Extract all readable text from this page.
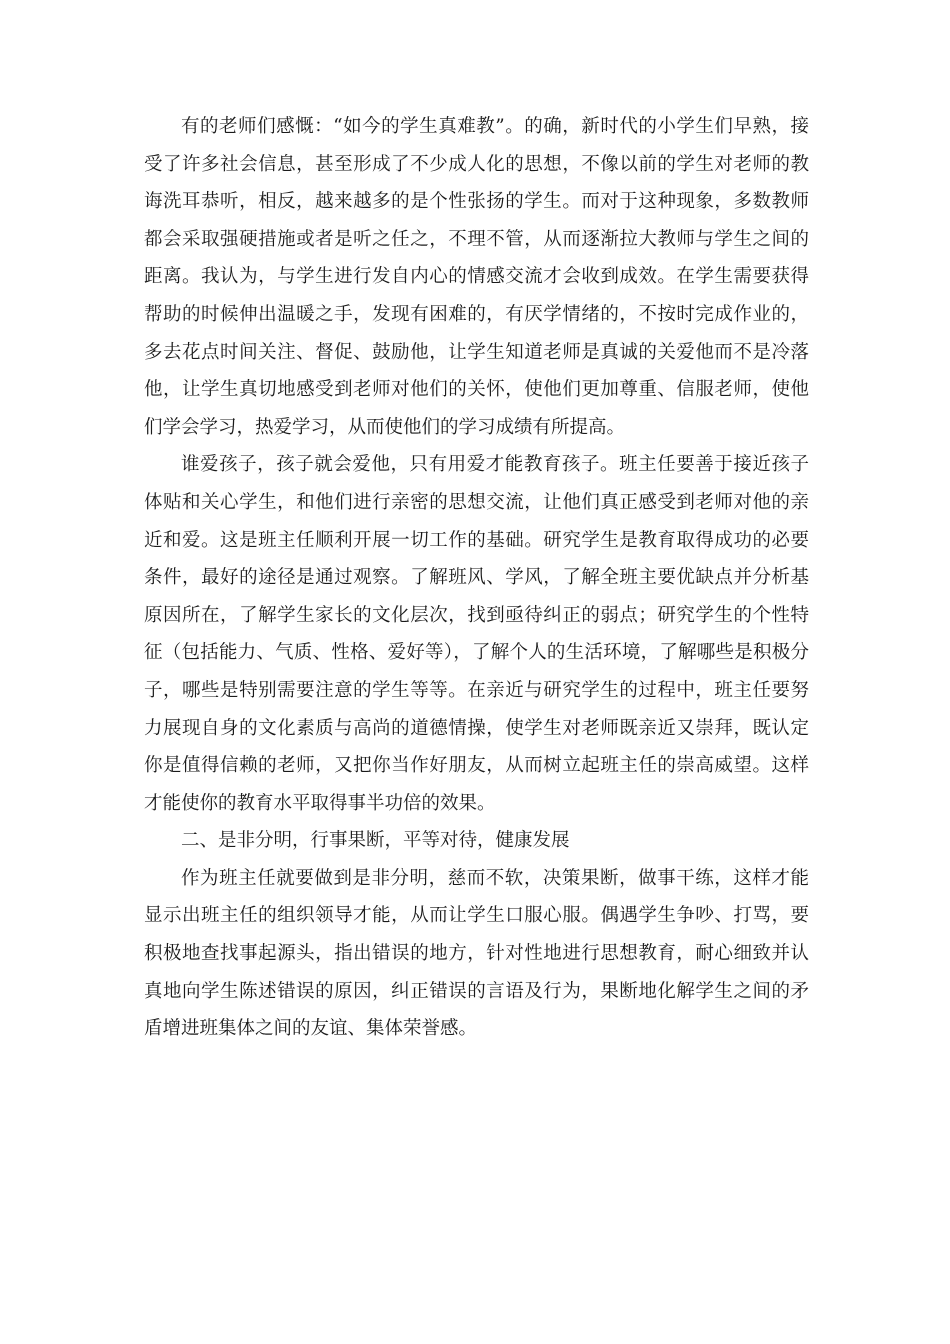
有的老师们感慨：“如今的学生真难教”。的确，新时代的小学生们早熟，接受了许多社会信息，甚至形成了不少成人化的思想，不像以前的学生对老师的教诲洗耳恭听，相反，越来越多的是个性张扬的学生。而对于这种现象，多数教师都会采取强硬措施或者是听之任之，不理不管，从而逐渐拉大教师与学生之间的距离。我认为，与学生进行发自内心的情感交流才会收到成效。在学生需要获得帮助的时候伸出温暖之手，发现有困难的，有厌学情绪的，不按时完成作业的，多去花点时间关注、督促、鼓励他，让学生知道老师是真诚的关爱他而不是冷落他，让学生真切地感受到老师对他们的关怀，使他们更加尊重、信服老师，使他们学会学习，热爱学习，从而使他们的学习成绩有所提高。

谁爱孩子，孩子就会爱他，只有用爱才能教育孩子。班主任要善于接近孩子体贴和关心学生，和他们进行亲密的思想交流，让他们真正感受到老师对他的亲近和爱。这是班主任顺利开展一切工作的基础。研究学生是教育取得成功的必要条件，最好的途径是通过观察。了解班风、学风，了解全班主要优缺点并分析基原因所在，了解学生家长的文化层次，找到亟待纠正的弱点；研究学生的个性特征（包括能力、气质、性格、爱好等），了解个人的生活环境，了解哪些是积极分子，哪些是特别需要注意的学生等等。在亲近与研究学生的过程中，班主任要努力展现自身的文化素质与高尚的道德情操，使学生对老师既亲近又崇拜，既认定你是值得信赖的老师，又把你当作好朋友，从而树立起班主任的崇高威望。这样才能使你的教育水平取得事半功倍的效果。

二、是非分明，行事果断，平等对待，健康发展

作为班主任就要做到是非分明，慈而不软，决策果断，做事干练，这样才能显示出班主任的组织领导才能，从而让学生口服心服。偶遇学生争吵、打骂，要积极地查找事起源头，指出错误的地方，针对性地进行思想教育，耐心细致并认真地向学生陈述错误的原因，纠正错误的言语及行为，果断地化解学生之间的矛盾增进班集体之间的友谊、集体荣誉感。
